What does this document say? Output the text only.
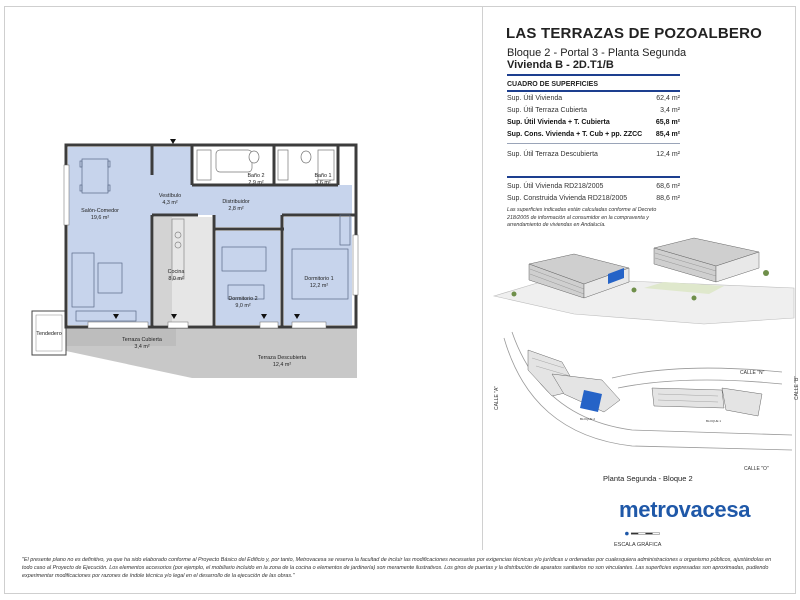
Salón-Comedor
19,6 m²
Vestíbulo
4,3 m²
Baño 2
2,9 m²
Baño 1
3,6 m²
Distribuidor
2,8 m²
Cocina
8,0 m²
Dormitorio 2
9,0 m²
Dormitorio 1
12,2 m²
Terraza Cubierta
3,4 m²
Terraza Descubierta
12,4 m²
Tendedero
LAS TERRAZAS DE POZOALBERO
Bloque 2 - Portal 3 - Planta Segunda
Vivienda B - 2D.T1/B
CUADRO DE SUPERFICIES
Sup. Útil Vivienda	62,4 m²
Sup. Útil Terraza Cubierta	3,4 m²
Sup. Útil Vivienda + T. Cubierta	65,8 m²
Sup. Cons. Vivienda + T. Cub + pp. ZZCC 85,4 m²
Sup. Útil Terraza Descubierta	12,4 m²
Sup. Útil Vivienda RD218/2005	68,6 m²
Sup. Construida Vivienda RD218/2005	88,6 m²
Las superficies indicadas están calculadas conforme al Decreto 218/2005 de información al consumidor en la compraventa y arrendamiento de viviendas en Andalucía.
CALLE "A"
CALLE "N"
CALLE "B"
CALLE "O"
BLOQUE 2	BLOQUE 1
Planta Segunda - Bloque 2
metrovacesa
ESCALA GRÁFICA
"El presente plano no es definitivo, ya que ha sido elaborado conforme al Proyecto Básico del Edificio y, por tanto, Metrovacesa se reserva la facultad de incluir las modificaciones necesarias por exigencias técnicas y/o jurídicas u ordenadas por cualesquiera administraciones u organismo públicos, ajustándolas en todo caso al Proyecto de Ejecución. Los elementos accesorios (por ejemplo, el mobiliario incluido en la zona de la cocina o elementos de jardinería) son meramente ilustrativos. Los giros de puertas y la distribución de aparatos sanitarios no son vinculantes. Las superficies expresadas son aproximadas, pudiendo experimentar modificaciones por razones de índole técnica y/o legal en el desarrollo de la ejecución de las obras."
